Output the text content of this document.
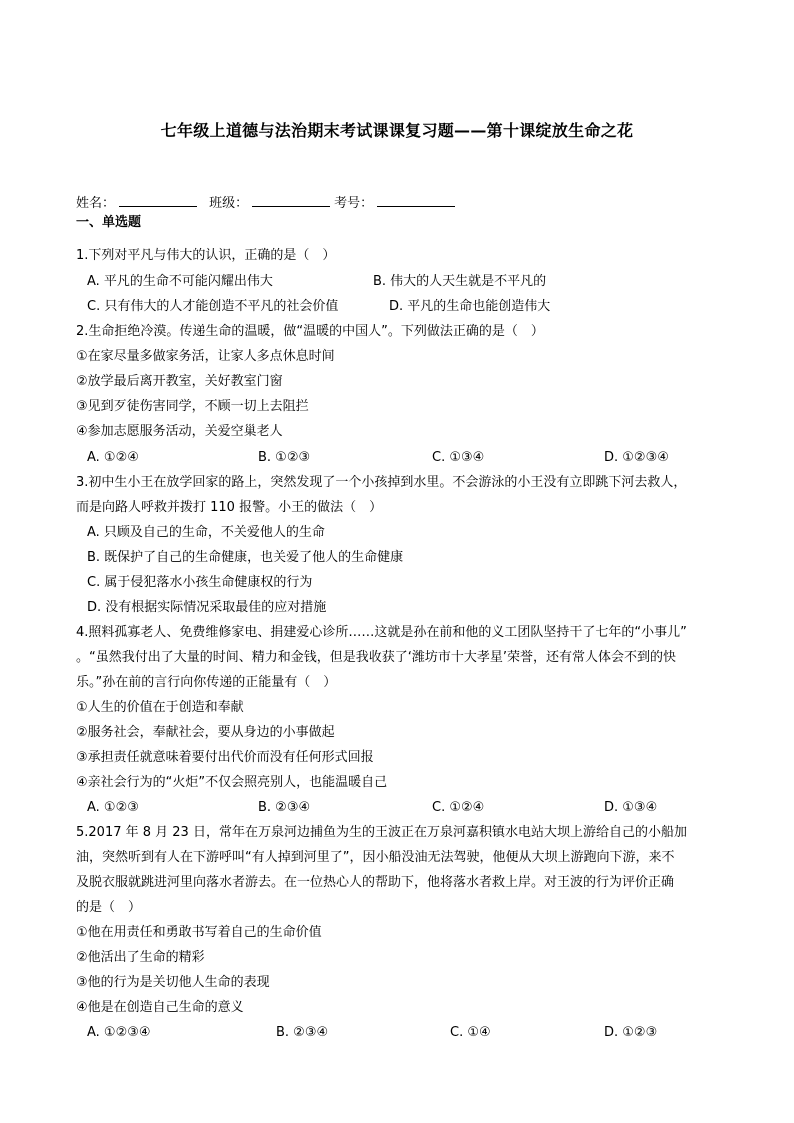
七年级上道德与法治期末考试课课复习题——第十课绽放生命之花
姓名：	班级：	考号：
一、单选题
1.下列对平凡与伟大的认识，正确的是（　）
A. 平凡的生命不可能闪耀出伟大	B. 伟大的人天生就是不平凡的
C. 只有伟大的人才能创造不平凡的社会价值	D. 平凡的生命也能创造伟大
2.生命拒绝冷漠。传递生命的温暖，做“温暖的中国人”。下列做法正确的是（　）
①在家尽量多做家务活，让家人多点休息时间
②放学最后离开教室，关好教室门窗
③见到歹徒伤害同学，不顾一切上去阻拦
④参加志愿服务活动，关爱空巢老人
A. ①②④	B. ①②③	C. ①③④	D. ①②③④
3.初中生小王在放学回家的路上，突然发现了一个小孩掉到水里。不会游泳的小王没有立即跳下河去救人，
而是向路人呼救并拨打 110 报警。小王的做法（　）
A. 只顾及自己的生命，不关爱他人的生命
B. 既保护了自己的生命健康，也关爱了他人的生命健康
C. 属于侵犯落水小孩生命健康权的行为
D. 没有根据实际情况采取最佳的应对措施
4.照料孤寡老人、免费维修家电、捐建爱心诊所……这就是孙在前和他的义工团队坚持干了七年的“小事儿”
。“虽然我付出了大量的时间、精力和金钱，但是我收获了‘潍坊市十大孝星’荣誉，还有常人体会不到的快
乐。”孙在前的言行向你传递的正能量有（　）
①人生的价值在于创造和奉献
②服务社会，奉献社会，要从身边的小事做起
③承担责任就意味着要付出代价而没有任何形式回报
④亲社会行为的“火炬”不仅会照亮别人，也能温暖自己
A. ①②③	B. ②③④	C. ①②④	D. ①③④
5.2017 年 8 月 23 日，常年在万泉河边捕鱼为生的王波正在万泉河嘉积镇水电站大坝上游给自己的小船加
油，突然听到有人在下游呼叫“有人掉到河里了”，因小船没油无法驾驶，他便从大坝上游跑向下游，来不
及脱衣服就跳进河里向落水者游去。在一位热心人的帮助下，他将落水者救上岸。对王波的行为评价正确
的是（　）
①他在用责任和勇敢书写着自己的生命价值
②他活出了生命的精彩
③他的行为是关切他人生命的表现
④他是在创造自己生命的意义
A. ①②③④	B. ②③④	C. ①④	D. ①②③
